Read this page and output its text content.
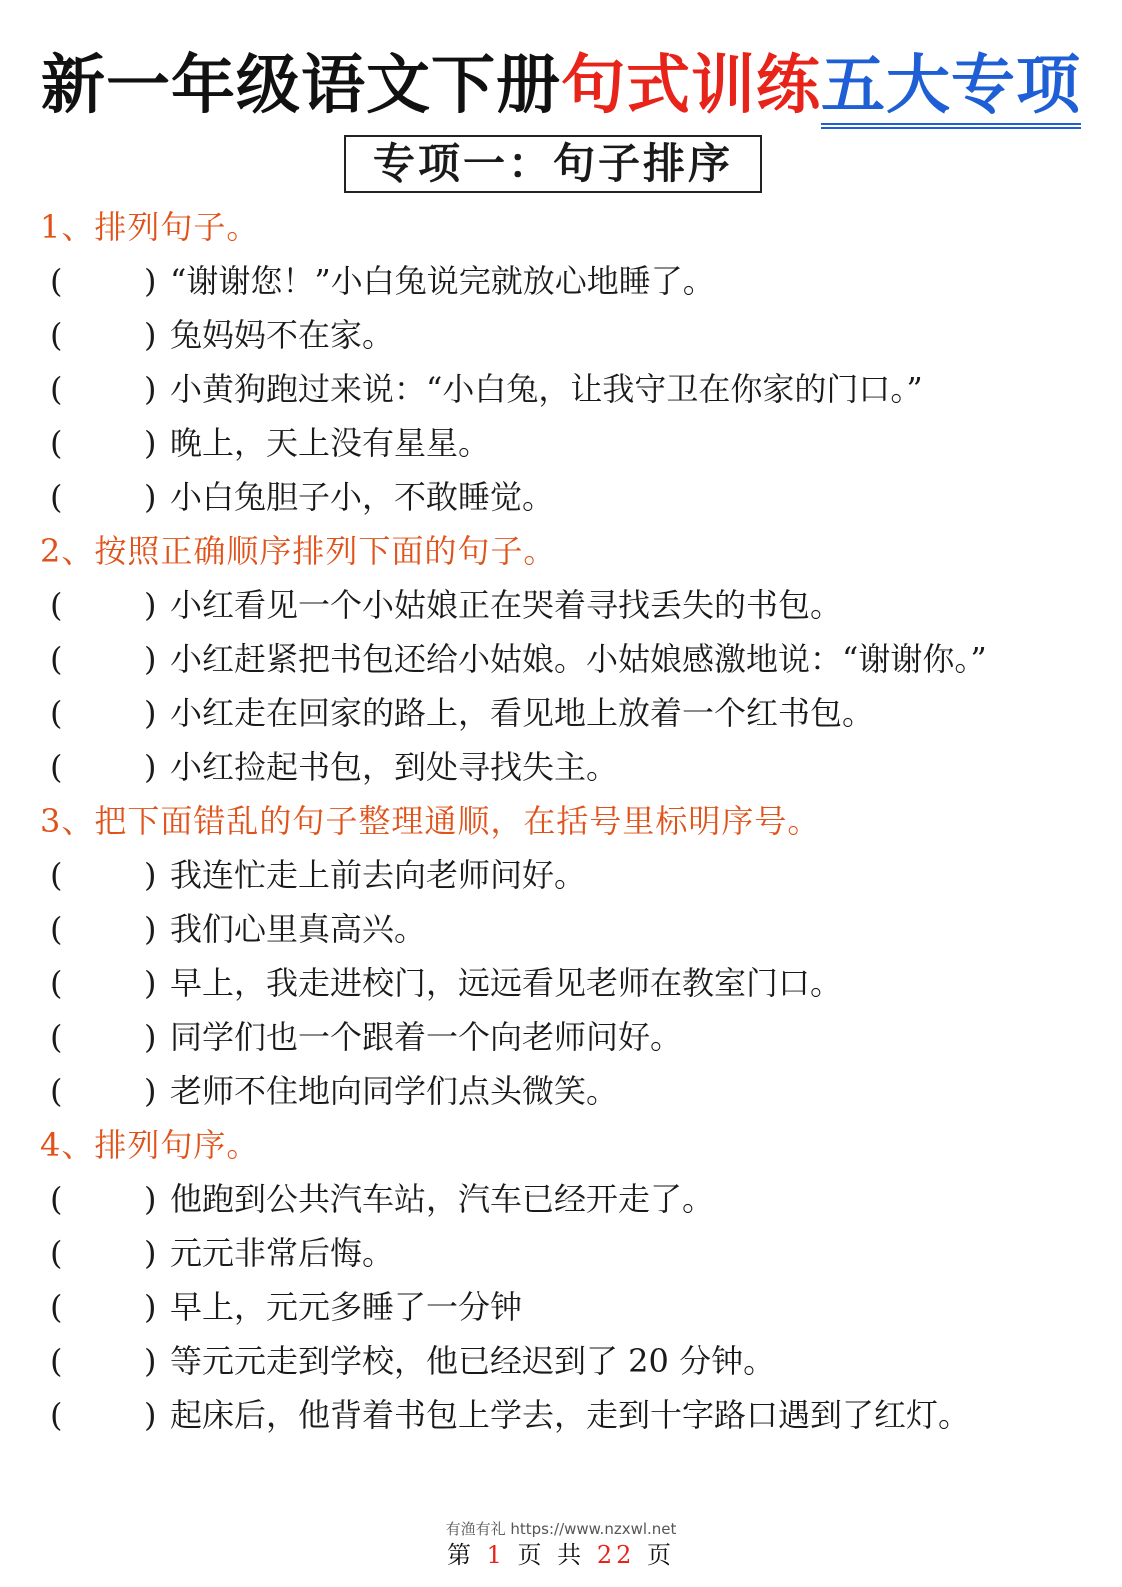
新一年级语文下册句式训练五大专项
专项一：句子排序
1、排列句子。
(	) “谢谢您！”小白兔说完就放心地睡了。
(	) 兔妈妈不在家。
(	) 小黄狗跑过来说：“小白兔，让我守卫在你家的门口。”
(	) 晚上，天上没有星星。
(	) 小白兔胆子小，不敢睡觉。
2、按照正确顺序排列下面的句子。
(	) 小红看见一个小姑娘正在哭着寻找丢失的书包。
(	) 小红赶紧把书包还给小姑娘。小姑娘感激地说：“谢谢你。”
(	) 小红走在回家的路上，看见地上放着一个红书包。
(	) 小红捡起书包，到处寻找失主。
3、把下面错乱的句子整理通顺，在括号里标明序号。
(	) 我连忙走上前去向老师问好。
(	) 我们心里真高兴。
(	) 早上，我走进校门，远远看见老师在教室门口。
(	) 同学们也一个跟着一个向老师问好。
(	) 老师不住地向同学们点头微笑。
4、排列句序。
(	) 他跑到公共汽车站，汽车已经开走了。
(	) 元元非常后悔。
(	) 早上，元元多睡了一分钟
(	) 等元元走到学校，他已经迟到了 20 分钟。
(	) 起床后，他背着书包上学去，走到十字路口遇到了红灯。
有渔有礼 https://www.nzxwl.net
第 1 页 共 22 页
